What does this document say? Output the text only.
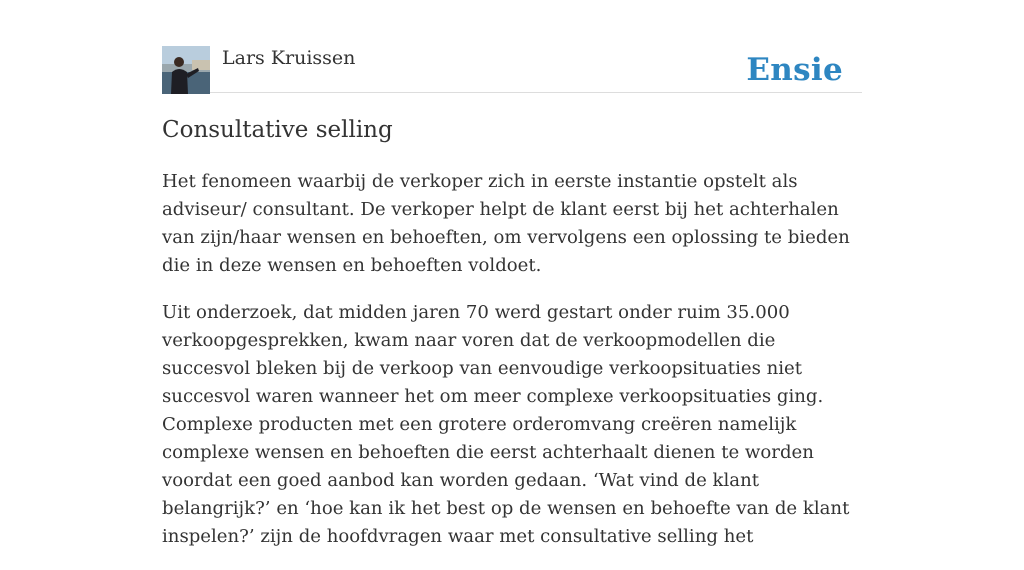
Lars Kruissen	Ensie
Consultative selling

Het fenomeen waarbij de verkoper zich in eerste instantie opstelt als adviseur/ consultant. De verkoper helpt de klant eerst bij het achterhalen van zijn/haar wensen en behoeften, om vervolgens een oplossing te bieden die in deze wensen en behoeften voldoet.

Uit onderzoek, dat midden jaren 70 werd gestart onder ruim 35.000 verkoopgesprekken, kwam naar voren dat de verkoopmodellen die succesvol bleken bij de verkoop van eenvoudige verkoopsituaties niet succesvol waren wanneer het om meer complexe verkoopsituaties ging. Complexe producten met een grotere orderomvang creëren namelijk complexe wensen en behoeften die eerst achterhaalt dienen te worden voordat een goed aanbod kan worden gedaan. ‘Wat vind de klant belangrijk?’ en ‘hoe kan ik het best op de wensen en behoefte van de klant inspelen?’ zijn de hoofdvragen waar met consultative selling het
